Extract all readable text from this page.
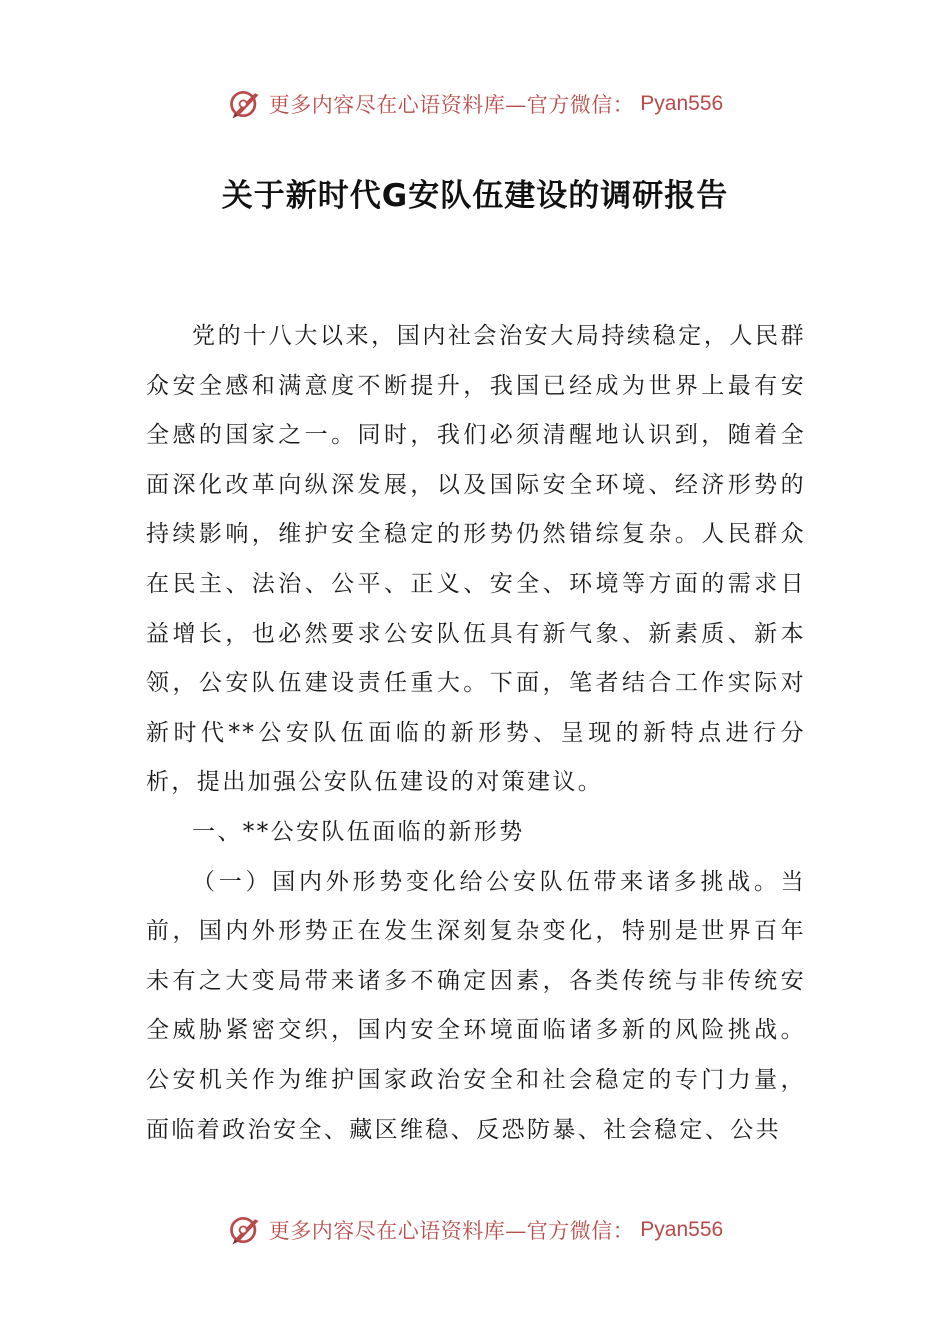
更多内容尽在心语资料库—官方微信： Pyan556
关于新时代G安队伍建设的调研报告

党的十八大以来，国内社会治安大局持续稳定，人民群众安全感和满意度不断提升，我国已经成为世界上最有安全感的国家之一。同时，我们必须清醒地认识到，随着全面深化改革向纵深发展，以及国际安全环境、经济形势的持续影响，维护安全稳定的形势仍然错综复杂。人民群众在民主、法治、公平、正义、安全、环境等方面的需求日益增长，也必然要求公安队伍具有新气象、新素质、新本领，公安队伍建设责任重大。下面，笔者结合工作实际对新时代**公安队伍面临的新形势、呈现的新特点进行分析，提出加强公安队伍建设的对策建议。

一、**公安队伍面临的新形势

（一）国内外形势变化给公安队伍带来诸多挑战。当前，国内外形势正在发生深刻复杂变化，特别是世界百年未有之大变局带来诸多不确定因素，各类传统与非传统安全威胁紧密交织，国内安全环境面临诸多新的风险挑战。公安机关作为维护国家政治安全和社会稳定的专门力量，面临着政治安全、藏区维稳、反恐防暴、社会稳定、公共

更多内容尽在心语资料库—官方微信： Pyan556
